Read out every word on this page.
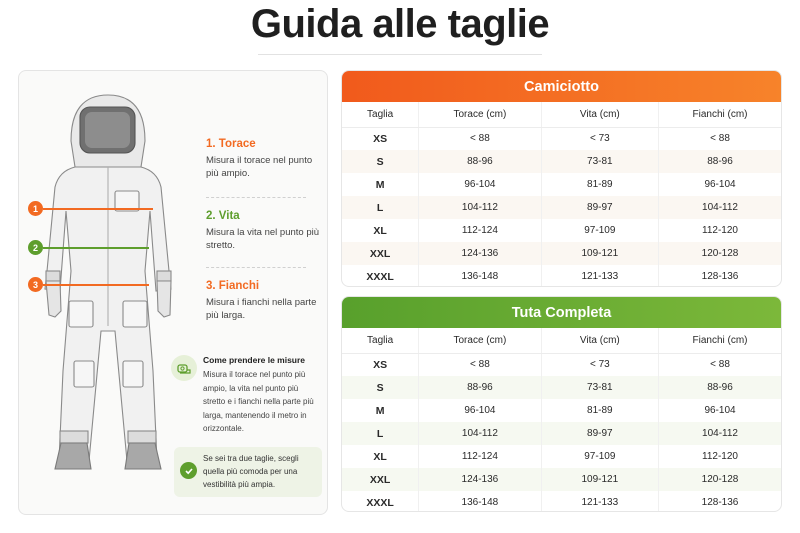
Guida alle taglie
1
2
3
1. Torace
Misura il torace nel punto più ampio.
2. Vita
Misura la vita nel punto più stretto.
3. Fianchi
Misura i fianchi nella parte più larga.
Come prendere le misure
Misura il torace nel punto più ampio, la vita nel punto più stretto e i fianchi nella parte più larga, mantenendo il metro in orizzontale.
Se sei tra due taglie, scegli quella più comoda per una vestibilità più ampia.
Camiciotto
Taglia	Torace (cm)	Vita (cm)	Fianchi (cm)
XS	< 88	< 73	< 88
S	88-96	73-81	88-96
M	96-104	81-89	96-104
L	104-112	89-97	104-112
XL	112-124	97-109	112-120
XXL	124-136	109-121	120-128
XXXL	136-148	121-133	128-136
Tuta Completa
Taglia	Torace (cm)	Vita (cm)	Fianchi (cm)
XS	< 88	< 73	< 88
S	88-96	73-81	88-96
M	96-104	81-89	96-104
L	104-112	89-97	104-112
XL	112-124	97-109	112-120
XXL	124-136	109-121	120-128
XXXL	136-148	121-133	128-136
